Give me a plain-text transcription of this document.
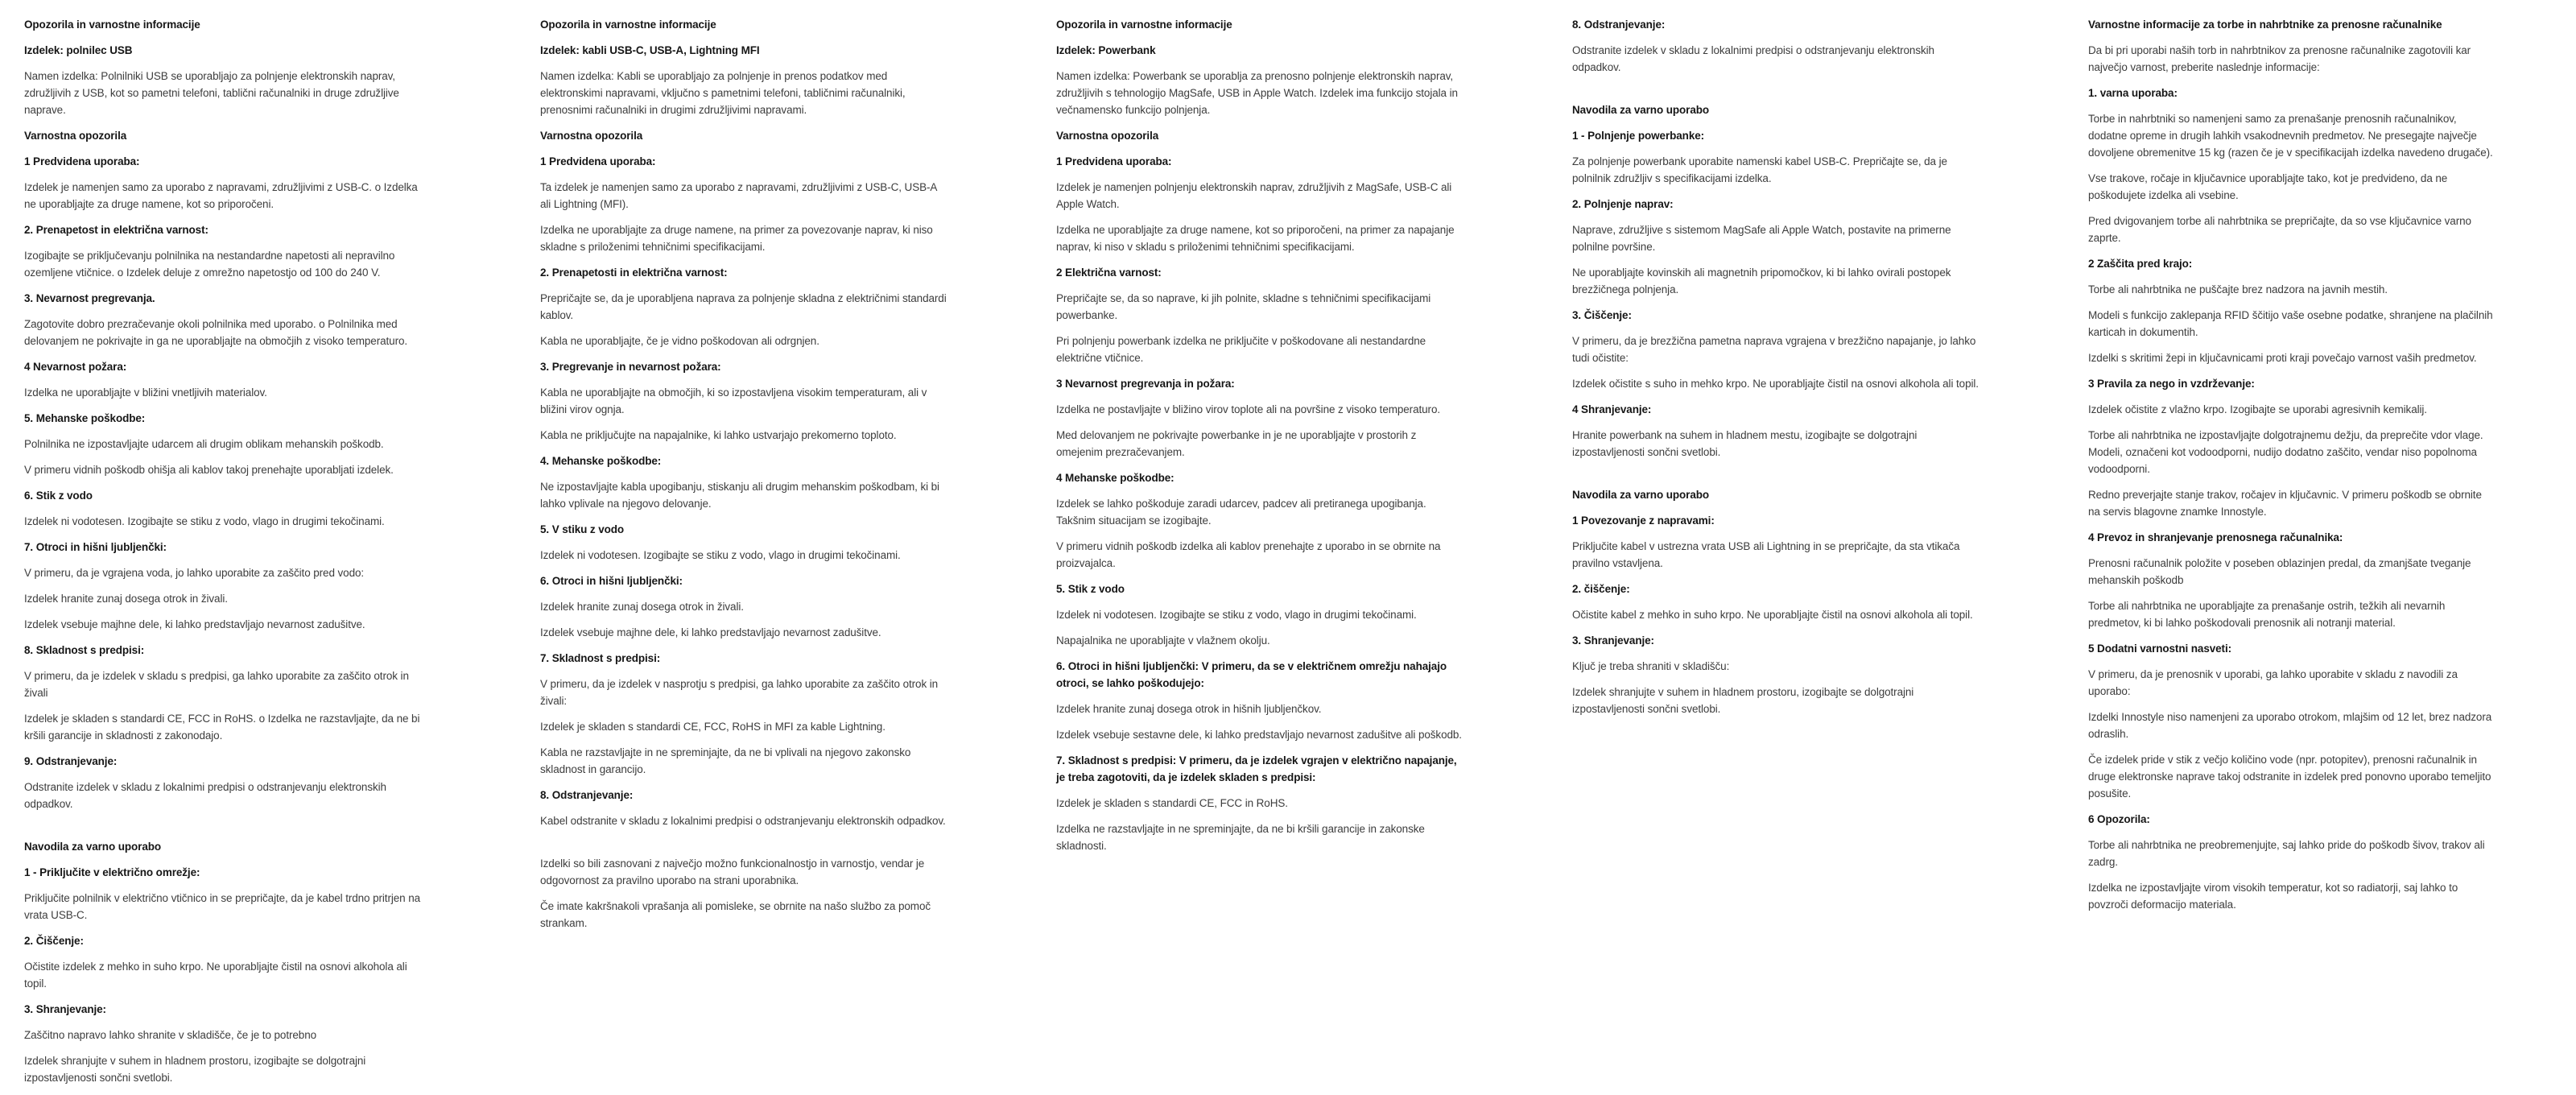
Opozorila in varnostne informacije
Izdelek: polnilec USB

Namen izdelka: Polnilniki USB se uporabljajo za polnjenje elektronskih naprav, združljivih z USB, kot so pametni telefoni, tablični računalniki in druge združljive naprave.

Varnostna opozorila
1 Predvidena uporaba:

Izdelek je namenjen samo za uporabo z napravami, združljivimi z USB-C. o Izdelka ne uporabljajte za druge namene, kot so priporočeni.

2. Prenapetost in električna varnost:

Izogibajte se priključevanju polnilnika na nestandardne napetosti ali nepravilno ozemljene vtičnice. o Izdelek deluje z omrežno napetostjo od 100 do 240 V.

3. Nevarnost pregrevanja.

Zagotovite dobro prezračevanje okoli polnilnika med uporabo. o Polnilnika med delovanjem ne pokrivajte in ga ne uporabljajte na območjih z visoko temperaturo.

4 Nevarnost požara:

Izdelka ne uporabljajte v bližini vnetljivih materialov.

5. Mehanske poškodbe:

Polnilnika ne izpostavljajte udarcem ali drugim oblikam mehanskih poškodb.

V primeru vidnih poškodb ohišja ali kablov takoj prenehajte uporabljati izdelek.

6. Stik z vodo

Izdelek ni vodotesen. Izogibajte se stiku z vodo, vlago in drugimi tekočinami.

7. Otroci in hišni ljubljenčki:

V primeru, da je vgrajena voda, jo lahko uporabite za zaščito pred vodo:

Izdelek hranite zunaj dosega otrok in živali.

Izdelek vsebuje majhne dele, ki lahko predstavljajo nevarnost zadušitve.

8. Skladnost s predpisi:

V primeru, da je izdelek v skladu s predpisi, ga lahko uporabite za zaščito otrok in živali

Izdelek je skladen s standardi CE, FCC in RoHS. o Izdelka ne razstavljajte, da ne bi kršili garancije in skladnosti z zakonodajo.

9. Odstranjevanje:

Odstranite izdelek v skladu z lokalnimi predpisi o odstranjevanju elektronskih odpadkov.

Navodila za varno uporabo
1 - Priključite v električno omrežje:

Priključite polnilnik v električno vtičnico in se prepričajte, da je kabel trdno pritrjen na vrata USB-C.

2. Čiščenje:

Očistite izdelek z mehko in suho krpo. Ne uporabljajte čistil na osnovi alkohola ali topil.

3. Shranjevanje:

Zaščitno napravo lahko shranite v skladišče, če je to potrebno

Izdelek shranjujte v suhem in hladnem prostoru, izogibajte se dolgotrajni izpostavljenosti sončni svetlobi.

Opozorila in varnostne informacije
Izdelek: kabli USB-C, USB-A, Lightning MFI

Namen izdelka: Kabli se uporabljajo za polnjenje in prenos podatkov med elektronskimi napravami, vključno s pametnimi telefoni, tabličnimi računalniki, prenosnimi računalniki in drugimi združljivimi napravami.

Varnostna opozorila
1 Predvidena uporaba:

Ta izdelek je namenjen samo za uporabo z napravami, združljivimi z USB-C, USB-A ali Lightning (MFI).

Izdelka ne uporabljajte za druge namene, na primer za povezovanje naprav, ki niso skladne s priloženimi tehničnimi specifikacijami.

2. Prenapetosti in električna varnost:

Prepričajte se, da je uporabljena naprava za polnjenje skladna z električnimi standardi kablov.

Kabla ne uporabljajte, če je vidno poškodovan ali odrgnjen.

3. Pregrevanje in nevarnost požara:

Kabla ne uporabljajte na območjih, ki so izpostavljena visokim temperaturam, ali v bližini virov ognja.

Kabla ne priključujte na napajalnike, ki lahko ustvarjajo prekomerno toploto.

4. Mehanske poškodbe:

Ne izpostavljajte kabla upogibanju, stiskanju ali drugim mehanskim poškodbam, ki bi lahko vplivale na njegovo delovanje.

5. V stiku z vodo

Izdelek ni vodotesen. Izogibajte se stiku z vodo, vlago in drugimi tekočinami.

6. Otroci in hišni ljubljenčki:

Izdelek hranite zunaj dosega otrok in živali.

Izdelek vsebuje majhne dele, ki lahko predstavljajo nevarnost zadušitve.

7. Skladnost s predpisi:

V primeru, da je izdelek v nasprotju s predpisi, ga lahko uporabite za zaščito otrok in živali:

Izdelek je skladen s standardi CE, FCC, RoHS in MFI za kable Lightning.

Kabla ne razstavljajte in ne spreminjajte, da ne bi vplivali na njegovo zakonsko skladnost in garancijo.

8. Odstranjevanje:

Kabel odstranite v skladu z lokalnimi predpisi o odstranjevanju elektronskih odpadkov.

Izdelki so bili zasnovani z največjo možno funkcionalnostjo in varnostjo, vendar je odgovornost za pravilno uporabo na strani uporabnika.

Če imate kakršnakoli vprašanja ali pomisleke, se obrnite na našo službo za pomoč strankam.

Opozorila in varnostne informacije
Izdelek: Powerbank

Namen izdelka: Powerbank se uporablja za prenosno polnjenje elektronskih naprav, združljivih s tehnologijo MagSafe, USB in Apple Watch. Izdelek ima funkcijo stojala in večnamensko funkcijo polnjenja.

Varnostna opozorila
1 Predvidena uporaba:

Izdelek je namenjen polnjenju elektronskih naprav, združljivih z MagSafe, USB-C ali Apple Watch.

Izdelka ne uporabljajte za druge namene, kot so priporočeni, na primer za napajanje naprav, ki niso v skladu s priloženimi tehničnimi specifikacijami.

2 Električna varnost:

Prepričajte se, da so naprave, ki jih polnite, skladne s tehničnimi specifikacijami powerbanke.

Pri polnjenju powerbank izdelka ne priključite v poškodovane ali nestandardne električne vtičnice.

3 Nevarnost pregrevanja in požara:

Izdelka ne postavljajte v bližino virov toplote ali na površine z visoko temperaturo.

Med delovanjem ne pokrivajte powerbanke in je ne uporabljajte v prostorih z omejenim prezračevanjem.

4 Mehanske poškodbe:

Izdelek se lahko poškoduje zaradi udarcev, padcev ali pretiranega upogibanja. Takšnim situacijam se izogibajte.

V primeru vidnih poškodb izdelka ali kablov prenehajte z uporabo in se obrnite na proizvajalca.

5. Stik z vodo

Izdelek ni vodotesen. Izogibajte se stiku z vodo, vlago in drugimi tekočinami.

Napajalnika ne uporabljajte v vlažnem okolju.

6. Otroci in hišni ljubljenčki: V primeru, da se v električnem omrežju nahajajo otroci, se lahko poškodujejo:

Izdelek hranite zunaj dosega otrok in hišnih ljubljenčkov.

Izdelek vsebuje sestavne dele, ki lahko predstavljajo nevarnost zadušitve ali poškodb.

7. Skladnost s predpisi: V primeru, da je izdelek vgrajen v električno napajanje, je treba zagotoviti, da je izdelek skladen s predpisi:

Izdelek je skladen s standardi CE, FCC in RoHS.

Izdelka ne razstavljajte in ne spreminjajte, da ne bi kršili garancije in zakonske skladnosti.

8. Odstranjevanje:

Odstranite izdelek v skladu z lokalnimi predpisi o odstranjevanju elektronskih odpadkov.

Navodila za varno uporabo
1 - Polnjenje powerbanke:

Za polnjenje powerbank uporabite namenski kabel USB-C. Prepričajte se, da je polnilnik združljiv s specifikacijami izdelka.

2. Polnjenje naprav:

Naprave, združljive s sistemom MagSafe ali Apple Watch, postavite na primerne polnilne površine.

Ne uporabljajte kovinskih ali magnetnih pripomočkov, ki bi lahko ovirali postopek brezžičnega polnjenja.

3. Čiščenje:

V primeru, da je brezžična pametna naprava vgrajena v brezžično napajanje, jo lahko tudi očistite:

Izdelek očistite s suho in mehko krpo. Ne uporabljajte čistil na osnovi alkohola ali topil.

4 Shranjevanje:

Hranite powerbank na suhem in hladnem mestu, izogibajte se dolgotrajni izpostavljenosti sončni svetlobi.

Navodila za varno uporabo
1 Povezovanje z napravami:

Priključite kabel v ustrezna vrata USB ali Lightning in se prepričajte, da sta vtikača pravilno vstavljena.

2. čiščenje:

Očistite kabel z mehko in suho krpo. Ne uporabljajte čistil na osnovi alkohola ali topil.

3. Shranjevanje:

Ključ je treba shraniti v skladišču:

Izdelek shranjujte v suhem in hladnem prostoru, izogibajte se dolgotrajni izpostavljenosti sončni svetlobi.

Varnostne informacije za torbe in nahrbtnike za prenosne računalnike

Da bi pri uporabi naših torb in nahrbtnikov za prenosne računalnike zagotovili kar največjo varnost, preberite naslednje informacije:

1. varna uporaba:

Torbe in nahrbtniki so namenjeni samo za prenašanje prenosnih računalnikov, dodatne opreme in drugih lahkih vsakodnevnih predmetov. Ne presegajte največje dovoljene obremenitve 15 kg (razen če je v specifikacijah izdelka navedeno drugače).

Vse trakove, ročaje in ključavnice uporabljajte tako, kot je predvideno, da ne poškodujete izdelka ali vsebine.

Pred dvigovanjem torbe ali nahrbtnika se prepričajte, da so vse ključavnice varno zaprte.

2 Zaščita pred krajo:

Torbe ali nahrbtnika ne puščajte brez nadzora na javnih mestih.

Modeli s funkcijo zaklepanja RFID ščitijo vaše osebne podatke, shranjene na plačilnih karticah in dokumentih.

Izdelki s skritimi žepi in ključavnicami proti kraji povečajo varnost vaših predmetov.

3 Pravila za nego in vzdrževanje:

Izdelek očistite z vlažno krpo. Izogibajte se uporabi agresivnih kemikalij.

Torbe ali nahrbtnika ne izpostavljajte dolgotrajnemu dežju, da preprečite vdor vlage. Modeli, označeni kot vodoodporni, nudijo dodatno zaščito, vendar niso popolnoma vodoodporni.

Redno preverjajte stanje trakov, ročajev in ključavnic. V primeru poškodb se obrnite na servis blagovne znamke Innostyle.

4 Prevoz in shranjevanje prenosnega računalnika:

Prenosni računalnik položite v poseben oblazinjen predal, da zmanjšate tveganje mehanskih poškodb

Torbe ali nahrbtnika ne uporabljajte za prenašanje ostrih, težkih ali nevarnih predmetov, ki bi lahko poškodovali prenosnik ali notranji material.

5 Dodatni varnostni nasveti:

V primeru, da je prenosnik v uporabi, ga lahko uporabite v skladu z navodili za uporabo:

Izdelki Innostyle niso namenjeni za uporabo otrokom, mlajšim od 12 let, brez nadzora odraslih.

Če izdelek pride v stik z večjo količino vode (npr. potopitev), prenosni računalnik in druge elektronske naprave takoj odstranite in izdelek pred ponovno uporabo temeljito posušite.

6 Opozorila:

Torbe ali nahrbtnika ne preobremenjujte, saj lahko pride do poškodb šivov, trakov ali zadrg.

Izdelka ne izpostavljajte virom visokih temperatur, kot so radiatorji, saj lahko to povzroči deformacijo materiala.
